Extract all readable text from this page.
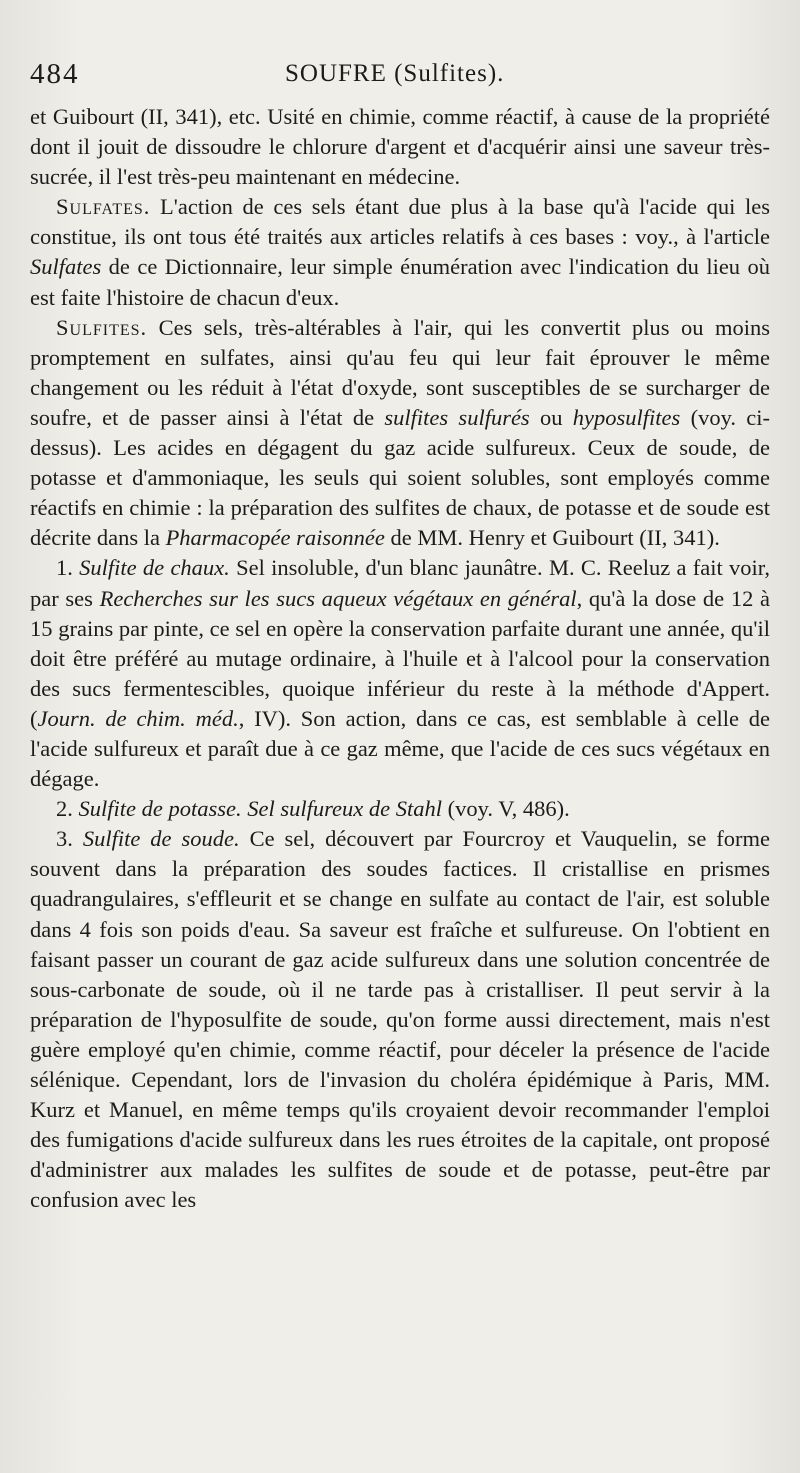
484	SOUFRE (Sulfites).

et Guibourt (II, 341), etc. Usité en chimie, comme réactif, à cause de la propriété dont il jouit de dissoudre le chlorure d'argent et d'acquérir ainsi une saveur très-sucrée, il l'est très-peu maintenant en médecine.

Sulfates. L'action de ces sels étant due plus à la base qu'à l'acide qui les constitue, ils ont tous été traités aux articles relatifs à ces bases : voy., à l'article Sulfates de ce Dictionnaire, leur simple énumération avec l'indication du lieu où est faite l'histoire de chacun d'eux.

Sulfites. Ces sels, très-altérables à l'air, qui les convertit plus ou moins promptement en sulfates, ainsi qu'au feu qui leur fait éprouver le même changement ou les réduit à l'état d'oxyde, sont susceptibles de se surcharger de soufre, et de passer ainsi à l'état de sulfites sulfurés ou hyposulfites (voy. ci-dessus). Les acides en dégagent du gaz acide sulfureux. Ceux de soude, de potasse et d'ammoniaque, les seuls qui soient solubles, sont employés comme réactifs en chimie : la préparation des sulfites de chaux, de potasse et de soude est décrite dans la Pharmacopée raisonnée de MM. Henry et Guibourt (II, 341).

1. Sulfite de chaux. Sel insoluble, d'un blanc jaunâtre. M. C. Reeluz a fait voir, par ses Recherches sur les sucs aqueux végétaux en général, qu'à la dose de 12 à 15 grains par pinte, ce sel en opère la conservation parfaite durant une année, qu'il doit être préféré au mutage ordinaire, à l'huile et à l'alcool pour la conservation des sucs fermentescibles, quoique inférieur du reste à la méthode d'Appert. (Journ. de chim. méd., IV). Son action, dans ce cas, est semblable à celle de l'acide sulfureux et paraît due à ce gaz même, que l'acide de ces sucs végétaux en dégage.

2. Sulfite de potasse. Sel sulfureux de Stahl (voy. V, 486).

3. Sulfite de soude. Ce sel, découvert par Fourcroy et Vauquelin, se forme souvent dans la préparation des soudes factices. Il cristallise en prismes quadrangulaires, s'effleurit et se change en sulfate au contact de l'air, est soluble dans 4 fois son poids d'eau. Sa saveur est fraîche et sulfureuse. On l'obtient en faisant passer un courant de gaz acide sulfureux dans une solution concentrée de sous-carbonate de soude, où il ne tarde pas à cristalliser. Il peut servir à la préparation de l'hyposulfite de soude, qu'on forme aussi directement, mais n'est guère employé qu'en chimie, comme réactif, pour déceler la présence de l'acide sélénique. Cependant, lors de l'invasion du choléra épidémique à Paris, MM. Kurz et Manuel, en même temps qu'ils croyaient devoir recommander l'emploi des fumigations d'acide sulfureux dans les rues étroites de la capitale, ont proposé d'administrer aux malades les sulfites de soude et de potasse, peut-être par confusion avec les
